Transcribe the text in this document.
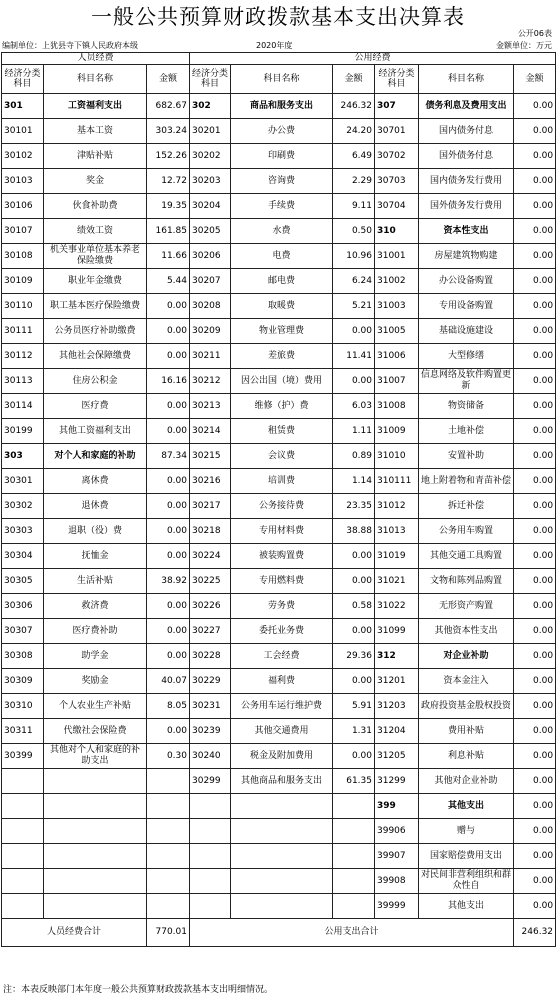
一般公共预算财政拨款基本支出决算表
公开06表
编制单位：上犹县寺下镇人民政府本级	2020年度	金额单位：万元
人员经费			公用经费					
经济分类科目	科目名称	金额	经济分类科目	科目名称	金额	经济分类科目	科目名称	金额
301	工资福利支出	682.67	302	商品和服务支出	246.32	307	债务利息及费用支出	0.00
30101	基本工资	303.24	30201	办公费	24.20	30701	国内债务付息	0.00
30102	津贴补贴	152.26	30202	印刷费	6.49	30702	国外债务付息	0.00
30103	奖金	12.72	30203	咨询费	2.29	30703	国内债务发行费用	0.00
30106	伙食补助费	19.35	30204	手续费	9.11	30704	国外债务发行费用	0.00
30107	绩效工资	161.85	30205	水费	0.50	310	资本性支出	0.00
30108	机关事业单位基本养老保险缴费	11.66	30206	电费	10.96	31001	房屋建筑物购建	0.00
30109	职业年金缴费	5.44	30207	邮电费	6.24	31002	办公设备购置	0.00
30110	职工基本医疗保险缴费	0.00	30208	取暖费	5.21	31003	专用设备购置	0.00
30111	公务员医疗补助缴费	0.00	30209	物业管理费	0.00	31005	基础设施建设	0.00
30112	其他社会保障缴费	0.00	30211	差旅费	11.41	31006	大型修缮	0.00
30113	住房公积金	16.16	30212	因公出国（境）费用	0.00	31007	信息网络及软件购置更新	0.00
30114	医疗费	0.00	30213	维修（护）费	6.03	31008	物资储备	0.00
30199	其他工资福利支出	0.00	30214	租赁费	1.11	31009	土地补偿	0.00
303	对个人和家庭的补助	87.34	30215	会议费	0.89	31010	安置补助	0.00
30301	离休费	0.00	30216	培训费	1.14	310111	地上附着物和青苗补偿	0.00
30302	退休费	0.00	30217	公务接待费	23.35	31012	拆迁补偿	0.00
30303	退职（役）费	0.00	30218	专用材料费	38.88	31013	公务用车购置	0.00
30304	抚恤金	0.00	30224	被装购置费	0.00	31019	其他交通工具购置	0.00
30305	生活补贴	38.92	30225	专用燃料费	0.00	31021	文物和陈列品购置	0.00
30306	救济费	0.00	30226	劳务费	0.58	31022	无形资产购置	0.00
30307	医疗费补助	0.00	30227	委托业务费	0.00	31099	其他资本性支出	0.00
30308	助学金	0.00	30228	工会经费	29.36	312	对企业补助	0.00
30309	奖励金	40.07	30229	福利费	0.00	31201	资本金注入	0.00
30310	个人农业生产补贴	8.05	30231	公务用车运行维护费	5.91	31203	政府投资基金股权投资	0.00
30311	代缴社会保险费	0.00	30239	其他交通费用	1.31	31204	费用补贴	0.00
30399	其他对个人和家庭的补助支出	0.30	30240	税金及附加费用	0.00	31205	利息补贴	0.00
			30299	其他商品和服务支出	61.35	31299	其他对企业补助	0.00
						399	其他支出	0.00
						39906	赠与	0.00
						39907	国家赔偿费用支出	0.00
						39908	对民间非营利组织和群众性自	0.00
						39999	其他支出	0.00
人员经费合计		770.01	公用支出合计					246.32
注：本表反映部门本年度一般公共预算财政拨款基本支出明细情况。
